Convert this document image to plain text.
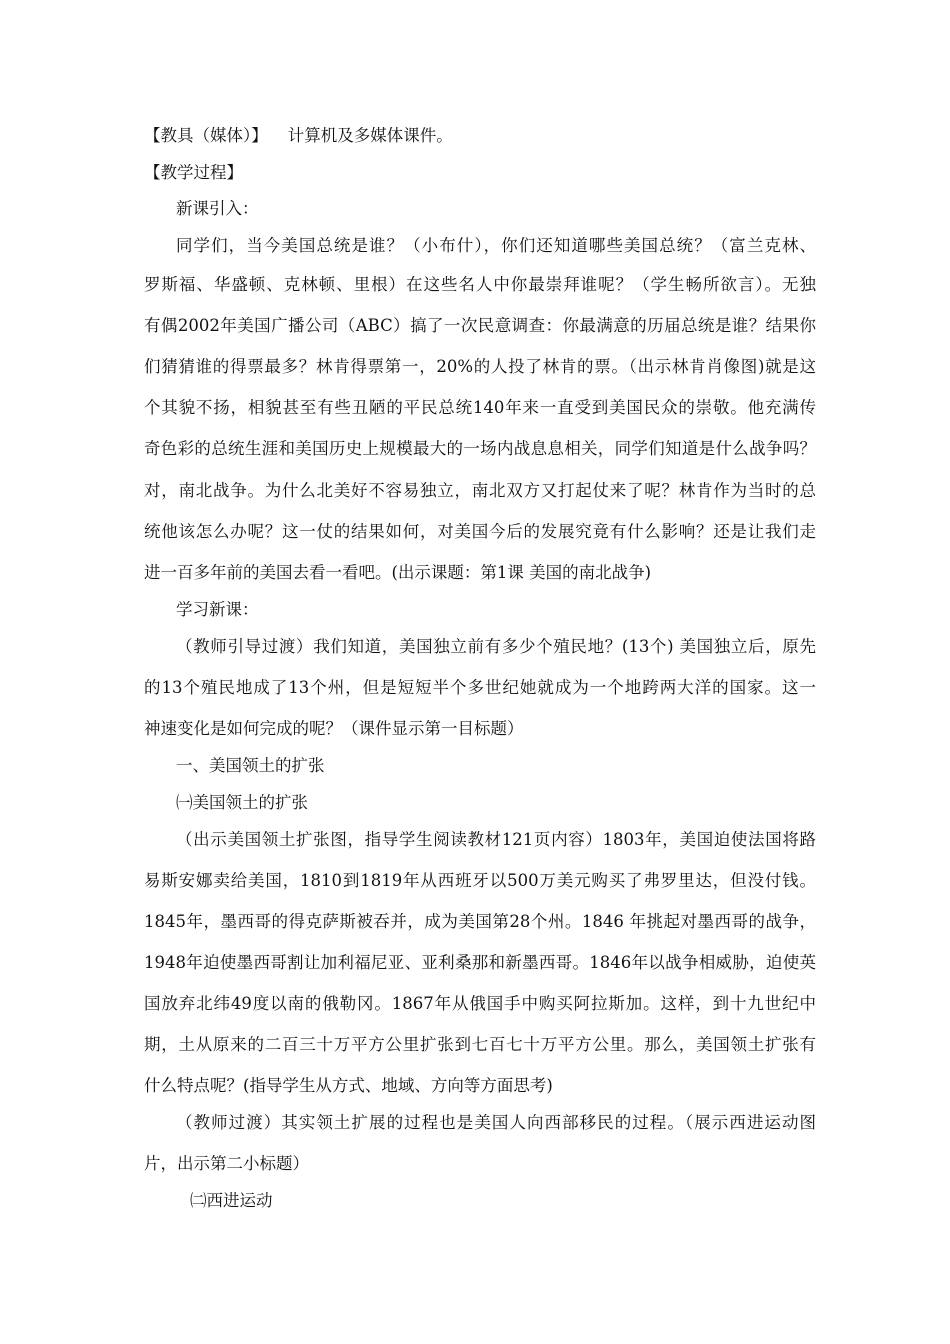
【教具（媒体）】 计算机及多媒体课件。
【教学过程】
新课引入：
同学们，当今美国总统是谁？（小布什），你们还知道哪些美国总统？（富兰克林、
罗斯福、华盛顿、克林顿、里根）在这些名人中你最崇拜谁呢？（学生畅所欲言）。无独
有偶2002年美国广播公司（ABC）搞了一次民意调查：你最满意的历届总统是谁？结果你
们猜猜谁的得票最多？林肯得票第一，20%的人投了林肯的票。（出示林肯肖像图)就是这
个其貌不扬，相貌甚至有些丑陋的平民总统140年来一直受到美国民众的崇敬。他充满传
奇色彩的总统生涯和美国历史上规模最大的一场内战息息相关，同学们知道是什么战争吗？
对，南北战争。为什么北美好不容易独立，南北双方又打起仗来了呢？林肯作为当时的总
统他该怎么办呢？这一仗的结果如何，对美国今后的发展究竟有什么影响？还是让我们走
进一百多年前的美国去看一看吧。(出示课题：第1课 美国的南北战争)
学习新课：
（教师引导过渡）我们知道，美国独立前有多少个殖民地？(13个) 美国独立后，原先
的13个殖民地成了13个州，但是短短半个多世纪她就成为一个地跨两大洋的国家。这一
神速变化是如何完成的呢？（课件显示第一目标题）
一、美国领土的扩张
㈠美国领土的扩张
（出示美国领土扩张图，指导学生阅读教材121页内容）1803年，美国迫使法国将路
易斯安娜卖给美国，1810到1819年从西班牙以500万美元购买了弗罗里达，但没付钱。
1845年，墨西哥的得克萨斯被吞并，成为美国第28个州。1846 年挑起对墨西哥的战争，
1948年迫使墨西哥割让加利福尼亚、亚利桑那和新墨西哥。1846年以战争相威胁，迫使英
国放弃北纬49度以南的俄勒冈。1867年从俄国手中购买阿拉斯加。这样，到十九世纪中
期，土从原来的二百三十万平方公里扩张到七百七十万平方公里。那么，美国领土扩张有
什么特点呢？(指导学生从方式、地域、方向等方面思考)
（教师过渡）其实领土扩展的过程也是美国人向西部移民的过程。（展示西进运动图
片，出示第二小标题）
㈡西进运动
